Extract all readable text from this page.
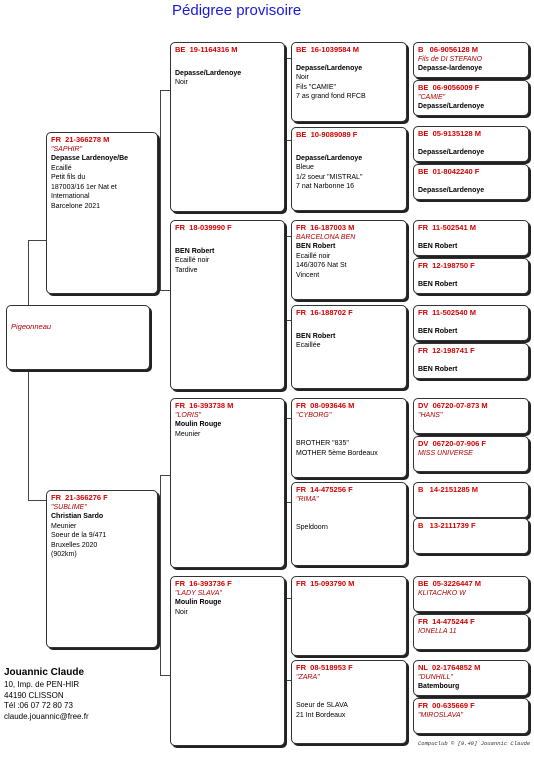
Pédigree provisoire
Pigeonneau
FR  21-366278 M
"SAPHIR"
Depasse Lardenoye/Be
Ecaillé
Petit fils du
187003/16 1er Nat et
International
Barcelone 2021
FR  21-366276 F
"SUBLIME"
Christian Sardo
Meunier
Soeur de la 9/471
Bruxelles 2020
(902km)
BE  19-1164316 M
Depasse/Lardenoye
Noir
FR  18-039990 F
BEN Robert
Ecaillé noir
Tardive
FR  16-393738 M
"LORIS"
Moulin Rouge
Meunier
FR  16-393736 F
"LADY SLAVA"
Moulin Rouge
Noir
BE  16-1039584 M
Depasse/Lardenoye
Noir
Fils "CAMIE"
7 as grand fond RFCB
BE  10-9089089 F
Depasse/Lardenoye
Bleue
1/2 soeur "MISTRAL"
7 nat Narbonne 16
FR  16-187003 M
BARCELONA BEN
BEN Robert
Ecaillé noir
146/3076 Nat St
Vincent
FR  16-188702 F
BEN Robert
Ecaillée
FR  08-093646 M
"CYBORG"
BROTHER "835"
MOTHER 5ème Bordeaux
FR  14-475256 F
"RIMA"
Speldoorn
FR  15-093790 M
FR  08-518953 F
"ZARA"
Soeur de SLAVA
21 Int Bordeaux
B   06-9056128 M
Fils de DI STEFANO
Depasse-lardenoye
BE  06-9056009 F
"CAMIE"
Depasse/Lardenoye
BE  05-9135128 M
Depasse/Lardenoye
BE  01-8042240 F
Depasse/Lardenoye
FR  11-502541 M
BEN Robert
FR  12-198750 F
BEN Robert
FR  11-502540 M
BEN Robert
FR  12-198741 F
BEN Robert
DV  06720-07-873 M
"HANS"
DV  06720-07-906 F
MISS UNIVERSE
B   14-2151285 M
B   13-2111739 F
BE  05-3226447 M
KLITACHKO W
FR  14-475244 F
IONELLA 11
NL  02-1764852 M
"DUNHILL"
Batembourg
FR  00-635669 F
"MIROSLAVA"
Jouannic Claude
10, Imp. de PEN-HIR
44190 CLISSON
Tél :06 07 72 80 73
claude.jouannic@free.fr
Compuclub © [9.40] Jouannic Claude
